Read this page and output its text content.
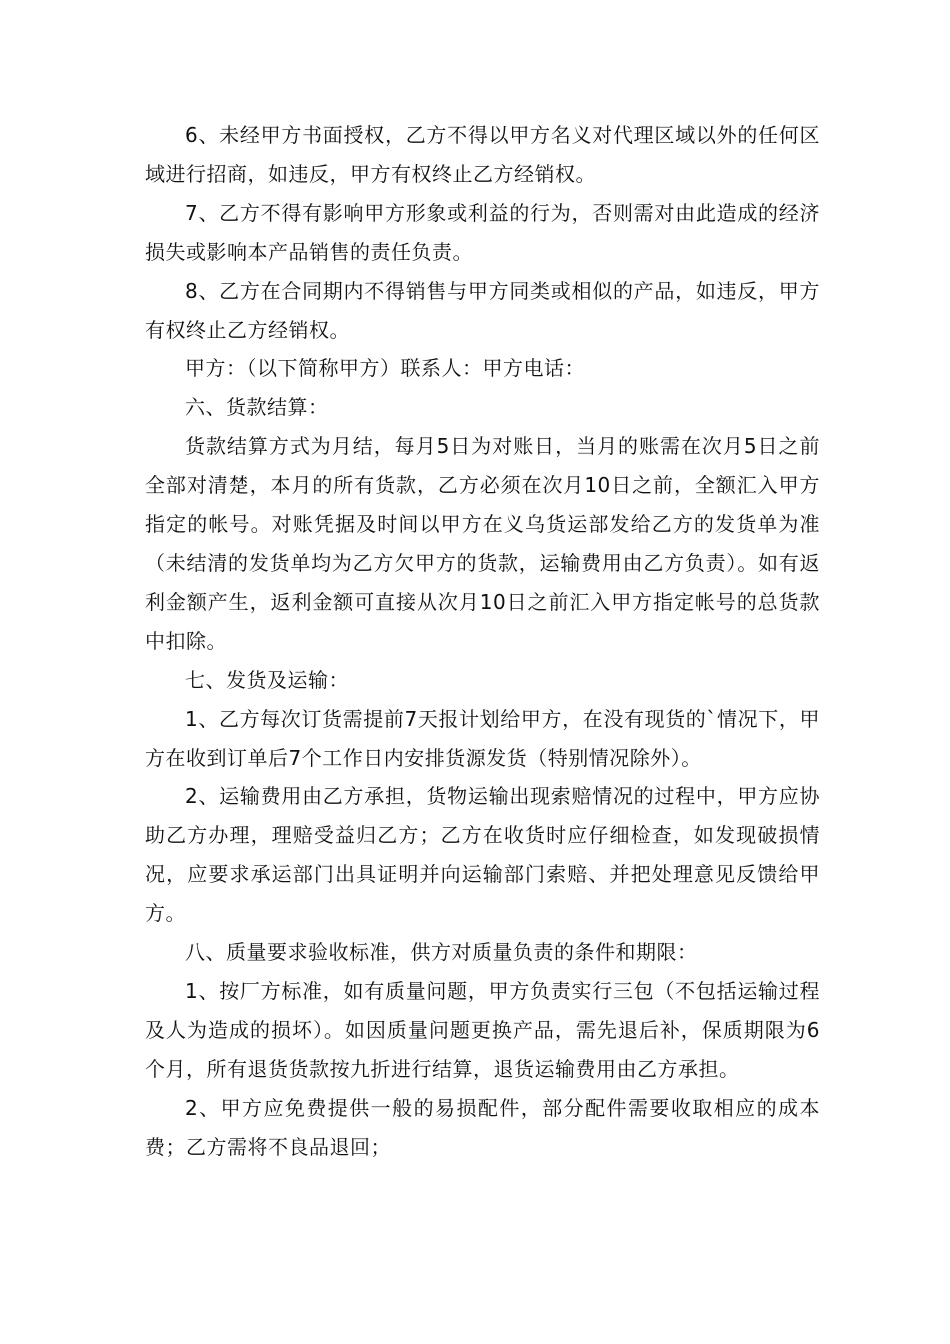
6、未经甲方书面授权，乙方不得以甲方名义对代理区域以外的任何区域进行招商，如违反，甲方有权终止乙方经销权。

7、乙方不得有影响甲方形象或利益的行为，否则需对由此造成的经济损失或影响本产品销售的责任负责。

8、乙方在合同期内不得销售与甲方同类或相似的产品，如违反，甲方有权终止乙方经销权。

甲方：（以下简称甲方）联系人：甲方电话：

六、货款结算：

货款结算方式为月结，每月5日为对账日，当月的账需在次月5日之前全部对清楚，本月的所有货款，乙方必须在次月10日之前，全额汇入甲方指定的帐号。对账凭据及时间以甲方在义乌货运部发给乙方的发货单为准（未结清的发货单均为乙方欠甲方的货款，运输费用由乙方负责）。如有返利金额产生，返利金额可直接从次月10日之前汇入甲方指定帐号的总货款中扣除。

七、发货及运输：

1、乙方每次订货需提前7天报计划给甲方，在没有现货的`情况下，甲方在收到订单后7个工作日内安排货源发货（特别情况除外）。

2、运输费用由乙方承担，货物运输出现索赔情况的过程中，甲方应协助乙方办理，理赔受益归乙方；乙方在收货时应仔细检查，如发现破损情况，应要求承运部门出具证明并向运输部门索赔、并把处理意见反馈给甲方。

八、质量要求验收标准，供方对质量负责的条件和期限：

1、按厂方标准，如有质量问题，甲方负责实行三包（不包括运输过程及人为造成的损坏）。如因质量问题更换产品，需先退后补，保质期限为6个月，所有退货货款按九折进行结算，退货运输费用由乙方承担。

2、甲方应免费提供一般的易损配件，部分配件需要收取相应的成本费；乙方需将不良品退回；
